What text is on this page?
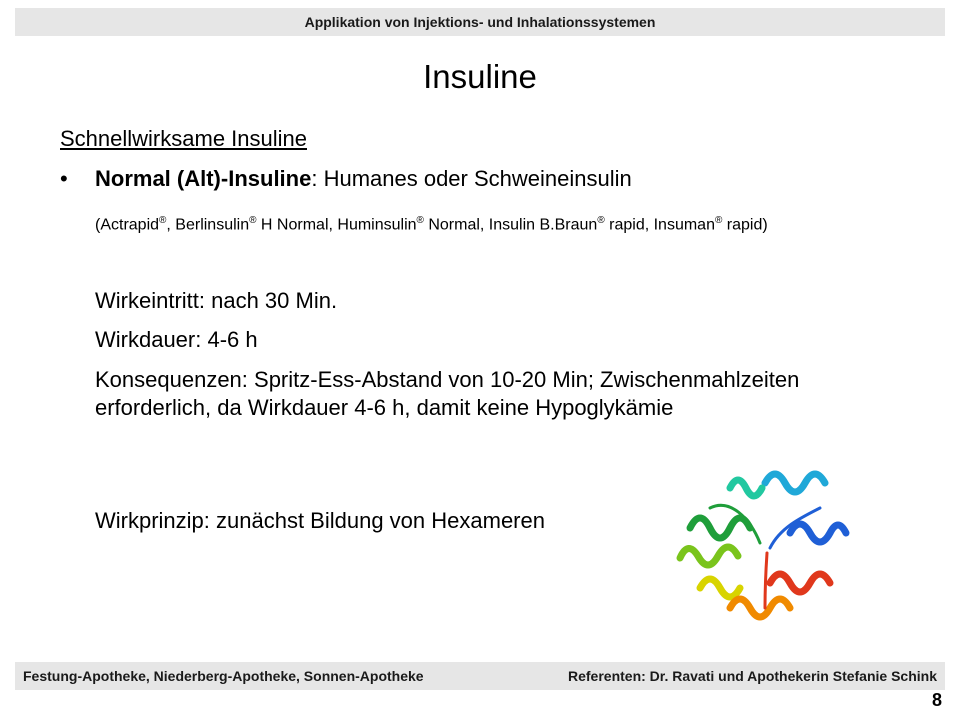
Applikation von Injektions- und Inhalationssystemen
Insuline
Schnellwirksame Insuline
•	Normal (Alt)-Insuline: Humanes oder Schweineinsulin
(Actrapid®, Berlinsulin® H Normal, Huminsulin® Normal, Insulin B.Braun® rapid, Insuman® rapid)
Wirkeintritt: nach 30 Min.
Wirkdauer: 4-6 h
Konsequenzen: Spritz-Ess-Abstand von 10-20 Min; Zwischenmahlzeiten erforderlich, da Wirkdauer 4-6 h, damit keine Hypoglykämie
Wirkprinzip: zunächst Bildung von Hexameren
Festung-Apotheke, Niederberg-Apotheke, Sonnen-Apotheke	Referenten: Dr. Ravati und Apothekerin Stefanie Schink
8
